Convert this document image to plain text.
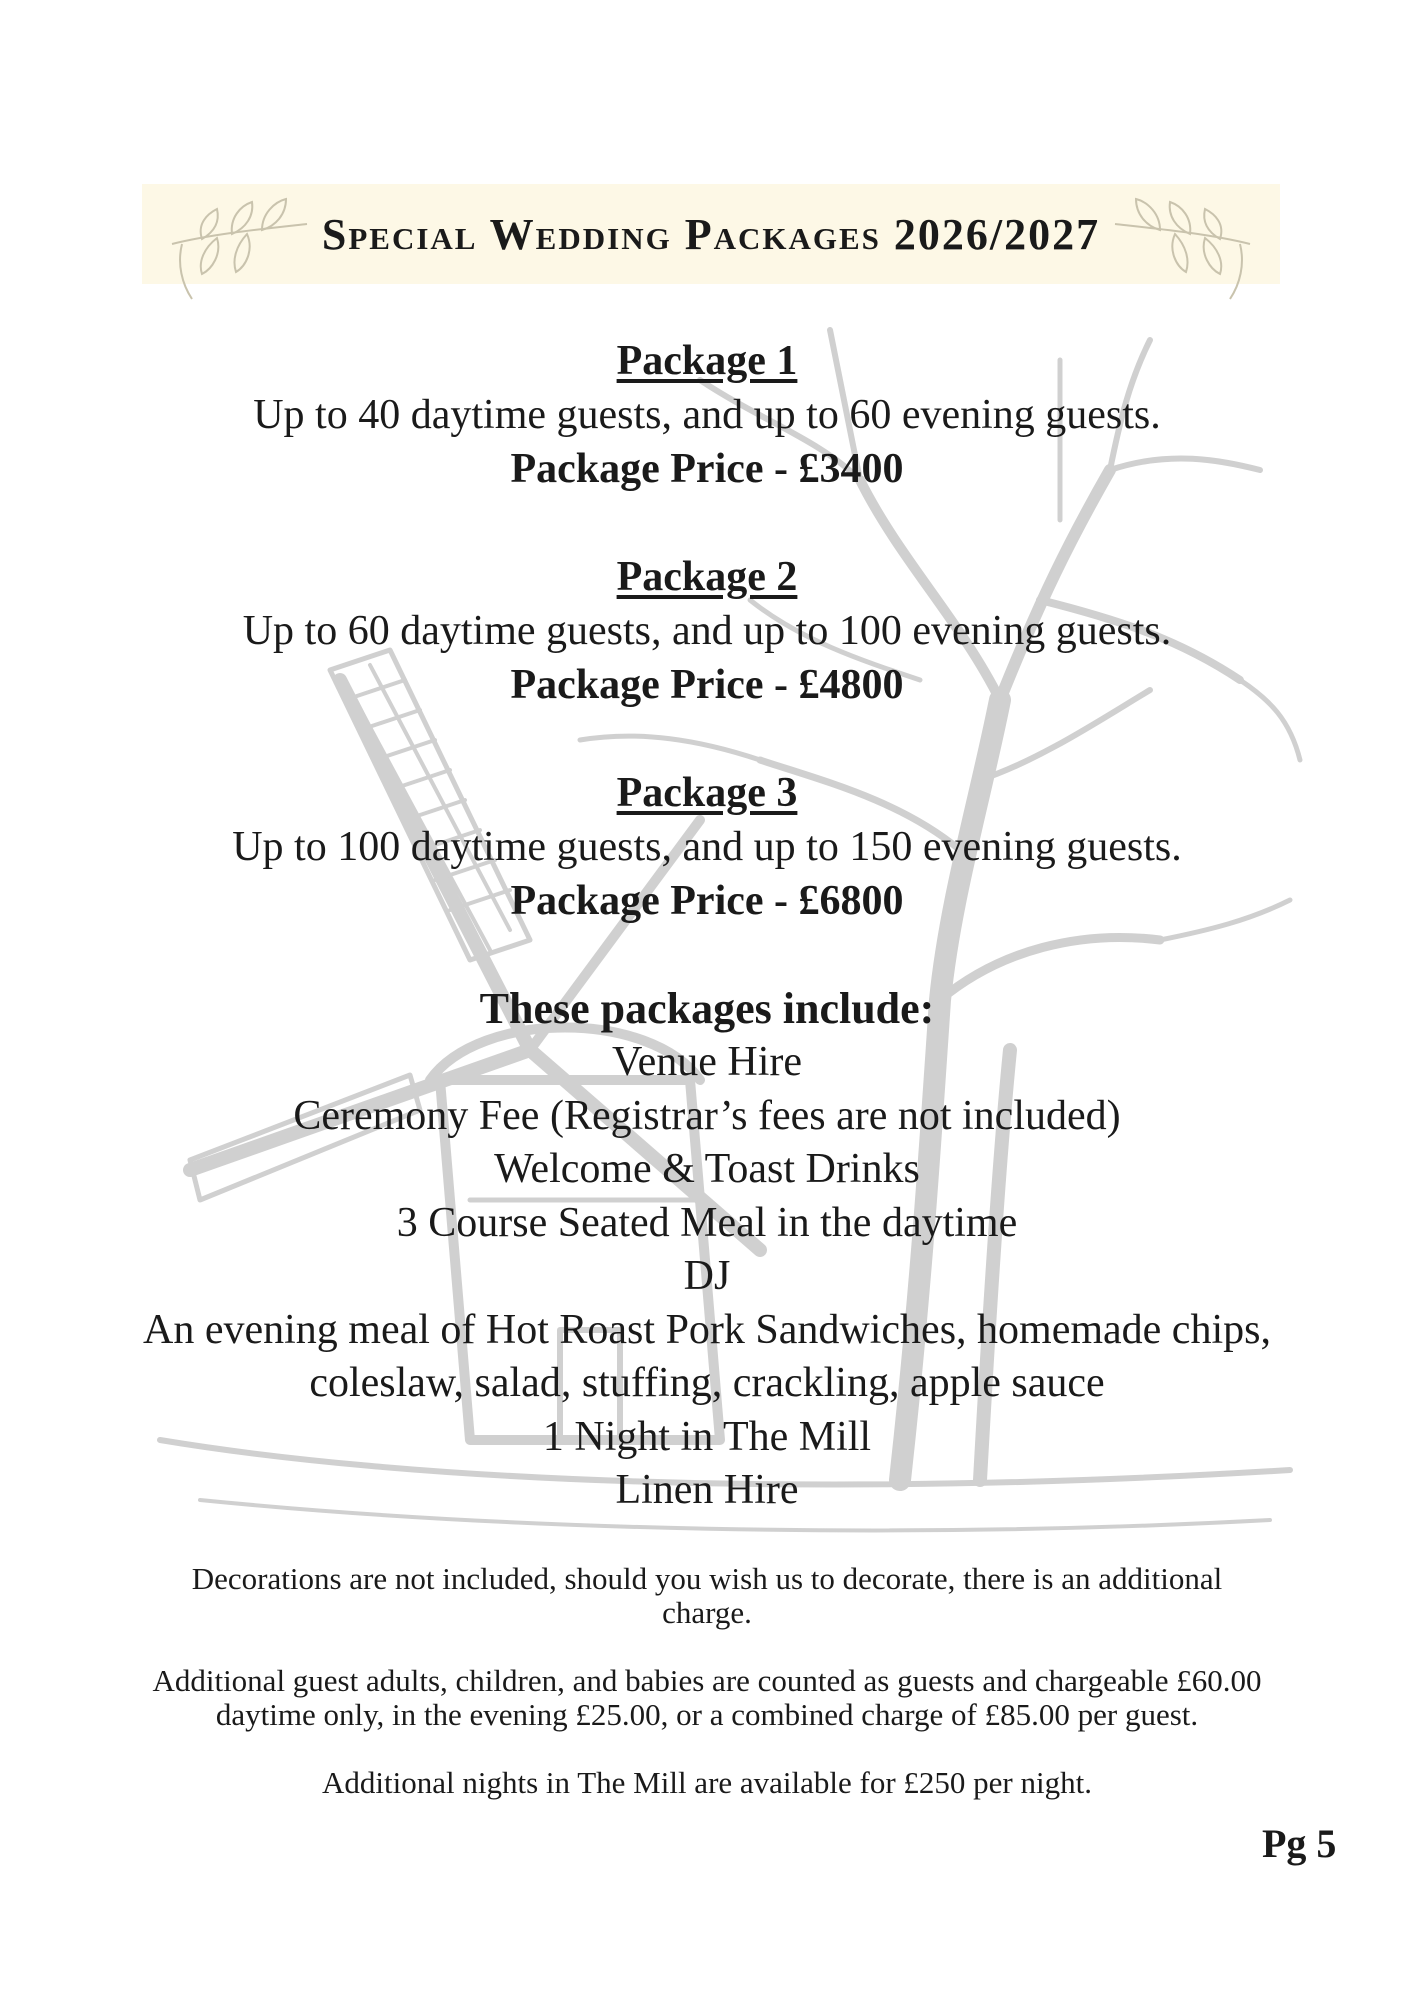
Special Wedding Packages 2026/2027
Package 1
Up to 40 daytime guests, and up to 60 evening guests.
Package Price - £3400
Package 2
Up to 60 daytime guests, and up to 100 evening guests.
Package Price - £4800
Package 3
Up to 100 daytime guests, and up to 150 evening guests.
Package Price - £6800
These packages include:
Venue Hire
Ceremony Fee (Registrar’s fees are not included)
Welcome & Toast Drinks
3 Course Seated Meal in the daytime
DJ
An evening meal of Hot Roast Pork Sandwiches, homemade chips, coleslaw, salad, stuffing, crackling, apple sauce
1 Night in The Mill
Linen Hire

Decorations are not included, should you wish us to decorate, there is an additional charge.

Additional guest adults, children, and babies are counted as guests and chargeable £60.00 daytime only, in the evening £25.00, or a combined charge of £85.00 per guest.

Additional nights in The Mill are available for £250 per night.

Pg 5
